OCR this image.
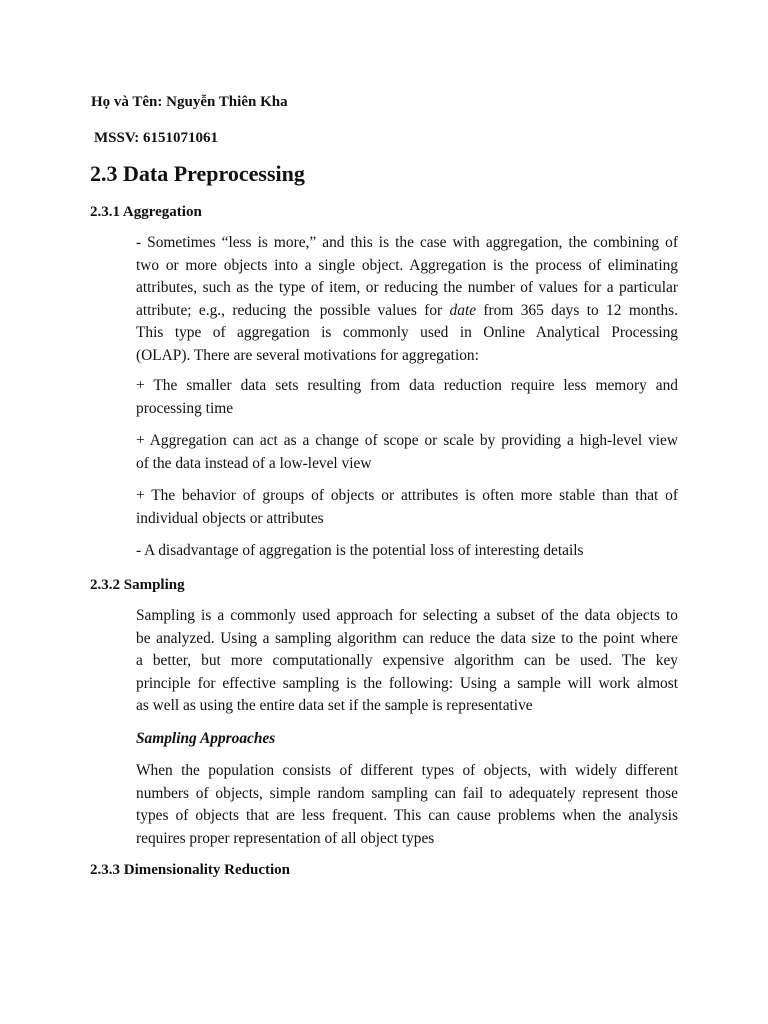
Họ và Tên: Nguyễn Thiên Kha
MSSV: 6151071061
2.3 Data Preprocessing
2.3.1 Aggregation
- Sometimes “less is more,” and this is the case with aggregation, the combining of
two or more objects into a single object. Aggregation is the process of eliminating
attributes, such as the type of item, or reducing the number of values for a particular
attribute; e.g., reducing the possible values for date from 365 days to 12 months.
This type of aggregation is commonly used in Online Analytical Processing
(OLAP). There are several motivations for aggregation:
+ The smaller data sets resulting from data reduction require less memory and
processing time
+ Aggregation can act as a change of scope or scale by providing a high-level view
of the data instead of a low-level view
+ The behavior of groups of objects or attributes is often more stable than that of
individual objects or attributes
- A disadvantage of aggregation is the potential loss of interesting details
2.3.2 Sampling
Sampling is a commonly used approach for selecting a subset of the data objects to
be analyzed. Using a sampling algorithm can reduce the data size to the point where
a better, but more computationally expensive algorithm can be used. The key
principle for effective sampling is the following: Using a sample will work almost
as well as using the entire data set if the sample is representative
Sampling Approaches
When the population consists of different types of objects, with widely different
numbers of objects, simple random sampling can fail to adequately represent those
types of objects that are less frequent. This can cause problems when the analysis
requires proper representation of all object types
2.3.3 Dimensionality Reduction
